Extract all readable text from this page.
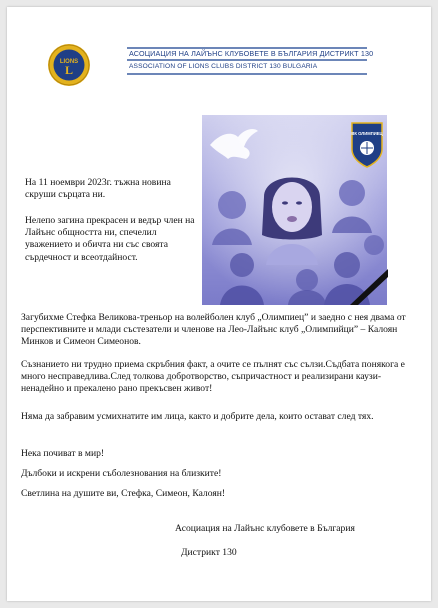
LIONS
L
АСОЦИАЦИЯ НА ЛАЙЪНС КЛУБОВЕТЕ В БЪЛГАРИЯ ДИСТРИКТ 130
ASSOCIATION OF LIONS CLUBS DISTRICT 130 BULGARIA
ВК ОЛИМПИЕЦ

На 11 ноември 2023г. тъжна новина скруши сърцата ни.

Нелепо загина прекрасен и ведър член на Лайънс общността ни, спечелил уважението и обичта ни със своята сърдечност и всеотдайност.

Загубихме Стефка Великова-треньор на волейболен клуб „Олимпиец” и заедно с нея двама от перспективните и млади състезатели и членове на Лео-Лайънс клуб „Олимпийци” – Калоян Минков и Симеон Симеонов.

Съзнанието ни трудно приема скръбния факт, а очите се пълнят със сълзи.Съдбата понякога е много несправедлива.След толкова добротворство, съпричастност и реализирани каузи-ненадейно и прекалено рано прекъсвен живот!

Няма да забравим усмихнатите им лица, както и добрите дела, които остават след тях.

Нека почиват в мир!

Дълбоки и искрени съболезнования на близките!

Светлина на душите ви, Стефка, Симеон, Калоян!

Асоциация на Лайънс клубовете в България

Дистрикт 130
